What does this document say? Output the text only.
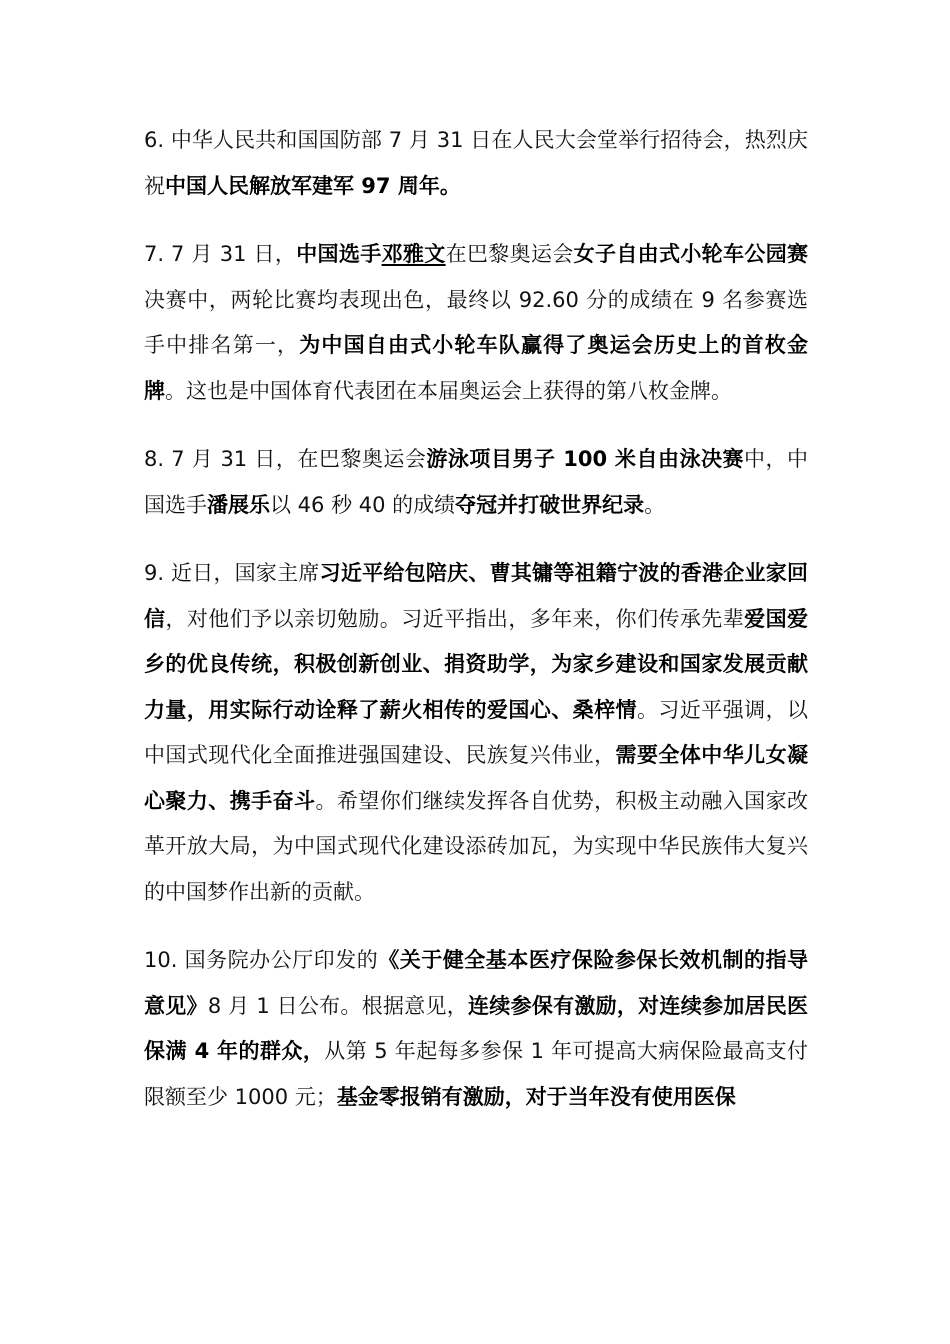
6. 中华人民共和国国防部 7 月 31 日在人民大会堂举行招待会，热烈庆祝中国人民解放军建军 97 周年。

7. 7 月 31 日，中国选手邓雅文在巴黎奥运会女子自由式小轮车公园赛决赛中，两轮比赛均表现出色，最终以 92.60 分的成绩在 9 名参赛选手中排名第一，为中国自由式小轮车队赢得了奥运会历史上的首枚金牌。这也是中国体育代表团在本届奥运会上获得的第八枚金牌。

8. 7 月 31 日，在巴黎奥运会游泳项目男子 100 米自由泳决赛中，中国选手潘展乐以 46 秒 40 的成绩夺冠并打破世界纪录。

9. 近日，国家主席习近平给包陪庆、曹其镛等祖籍宁波的香港企业家回信，对他们予以亲切勉励。习近平指出，多年来，你们传承先辈爱国爱乡的优良传统，积极创新创业、捐资助学，为家乡建设和国家发展贡献力量，用实际行动诠释了薪火相传的爱国心、桑梓情。习近平强调，以中国式现代化全面推进强国建设、民族复兴伟业，需要全体中华儿女凝心聚力、携手奋斗。希望你们继续发挥各自优势，积极主动融入国家改革开放大局，为中国式现代化建设添砖加瓦，为实现中华民族伟大复兴的中国梦作出新的贡献。

10. 国务院办公厅印发的《关于健全基本医疗保险参保长效机制的指导意见》8 月 1 日公布。根据意见，连续参保有激励，对连续参加居民医保满 4 年的群众，从第 5 年起每多参保 1 年可提高大病保险最高支付限额至少 1000 元；基金零报销有激励，对于当年没有使用医保
